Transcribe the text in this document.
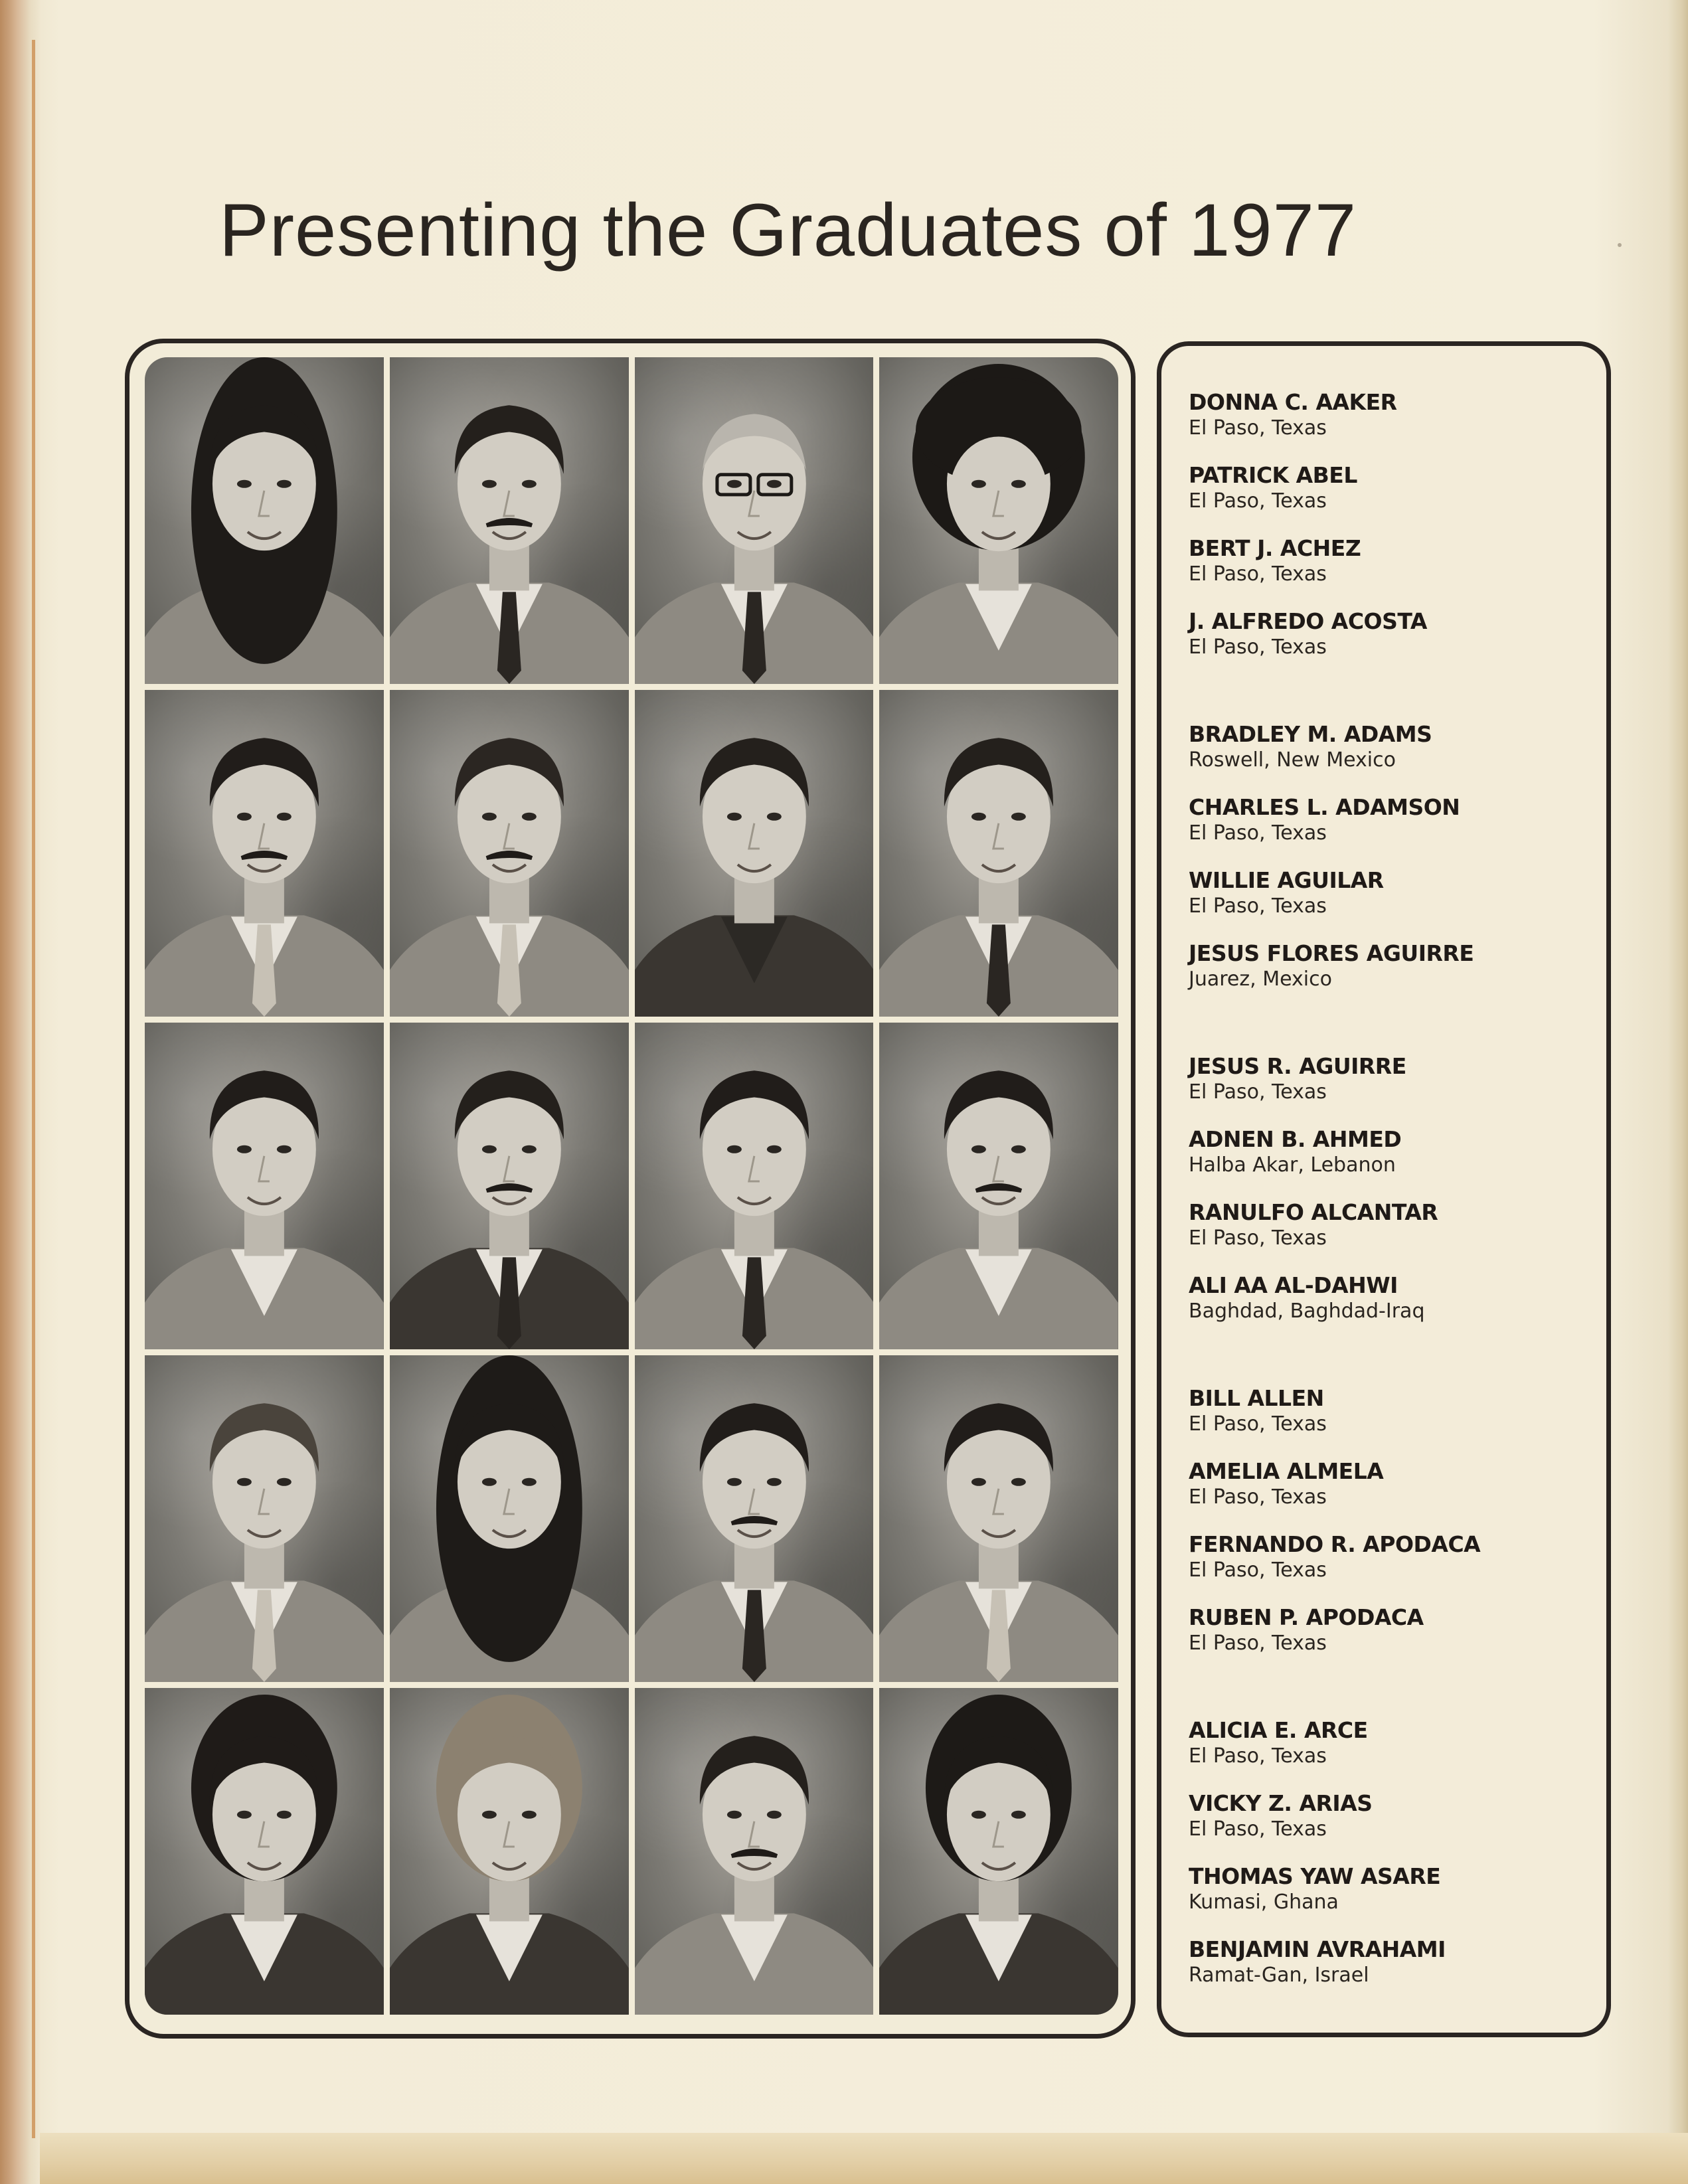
Presenting the Graduates of 1977
DONNA C. AAKER
El Paso, Texas
PATRICK ABEL
El Paso, Texas
BERT J. ACHEZ
El Paso, Texas
J. ALFREDO ACOSTA
El Paso, Texas
BRADLEY M. ADAMS
Roswell, New Mexico
CHARLES L. ADAMSON
El Paso, Texas
WILLIE AGUILAR
El Paso, Texas
JESUS FLORES AGUIRRE
Juarez, Mexico
JESUS R. AGUIRRE
El Paso, Texas
ADNEN B. AHMED
Halba Akar, Lebanon
RANULFO ALCANTAR
El Paso, Texas
ALI AA AL-DAHWI
Baghdad, Baghdad-Iraq
BILL ALLEN
El Paso, Texas
AMELIA ALMELA
El Paso, Texas
FERNANDO R. APODACA
El Paso, Texas
RUBEN P. APODACA
El Paso, Texas
ALICIA E. ARCE
El Paso, Texas
VICKY Z. ARIAS
El Paso, Texas
THOMAS YAW ASARE
Kumasi, Ghana
BENJAMIN AVRAHAMI
Ramat-Gan, Israel
